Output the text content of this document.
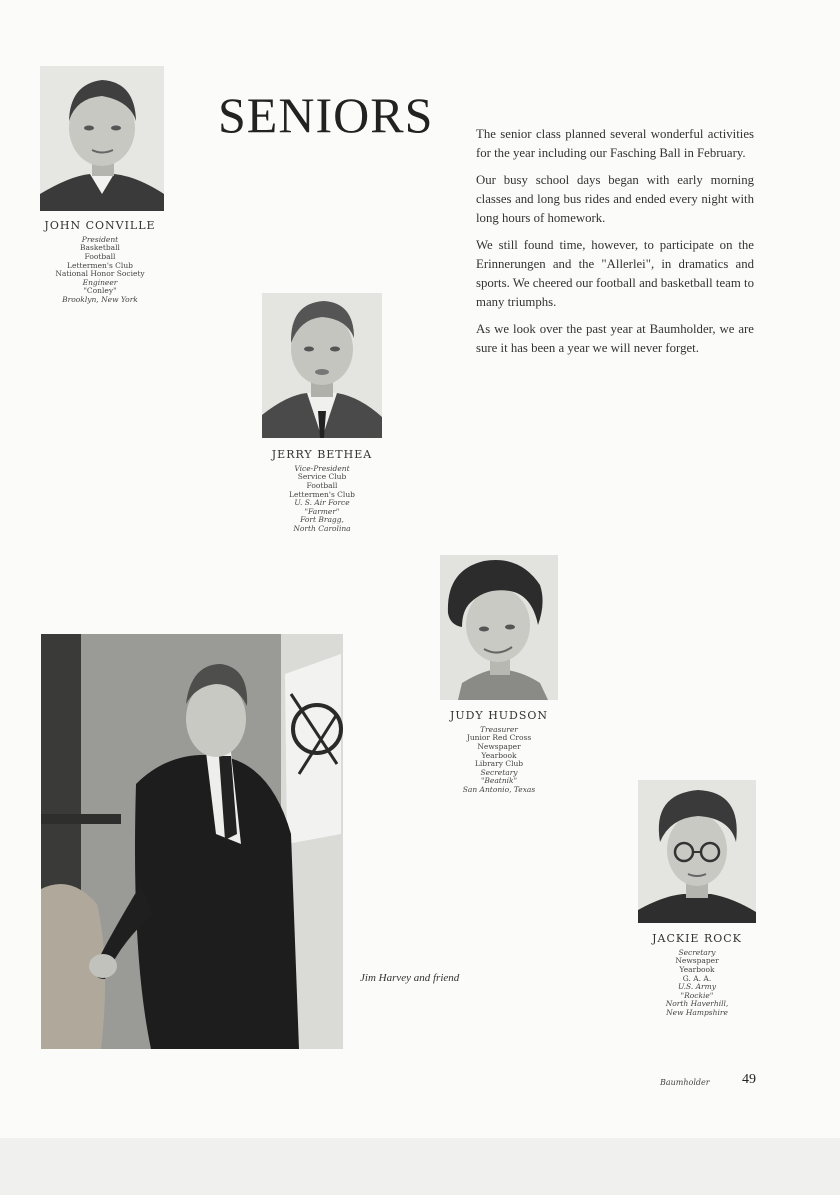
JOHN CONVILLE
President
Basketball
Football
Lettermen's Club
National Honor Society
Engineer
"Conley"
Brooklyn, New York
SENIORS	The senior class planned several wonderful activities for the year including our Fasching Ball in February.

Our busy school days began with early morning classes and long bus rides and ended every night with long hours of homework.

We still found time, however, to participate on the Erinnerungen and the "Allerlei", in dramatics and sports. We cheered our football and basketball team to many triumphs.

As we look over the past year at Baumholder, we are sure it has been a year we will never forget.

JERRY BETHEA
Vice-President
Service Club
Football
Lettermen's Club
U. S. Air Force
"Farmer"
Fort Bragg,
North Carolina
JUDY HUDSON
Treasurer
Junior Red Cross
Newspaper
Yearbook
Library Club
Secretary
"Beatnik"
San Antonio, Texas
Jim Harvey and friend
JACKIE ROCK
Secretary
Newspaper
Yearbook
G. A. A.
U.S. Army
"Rockie"
North Haverhill,
New Hampshire
Baumholder 49
